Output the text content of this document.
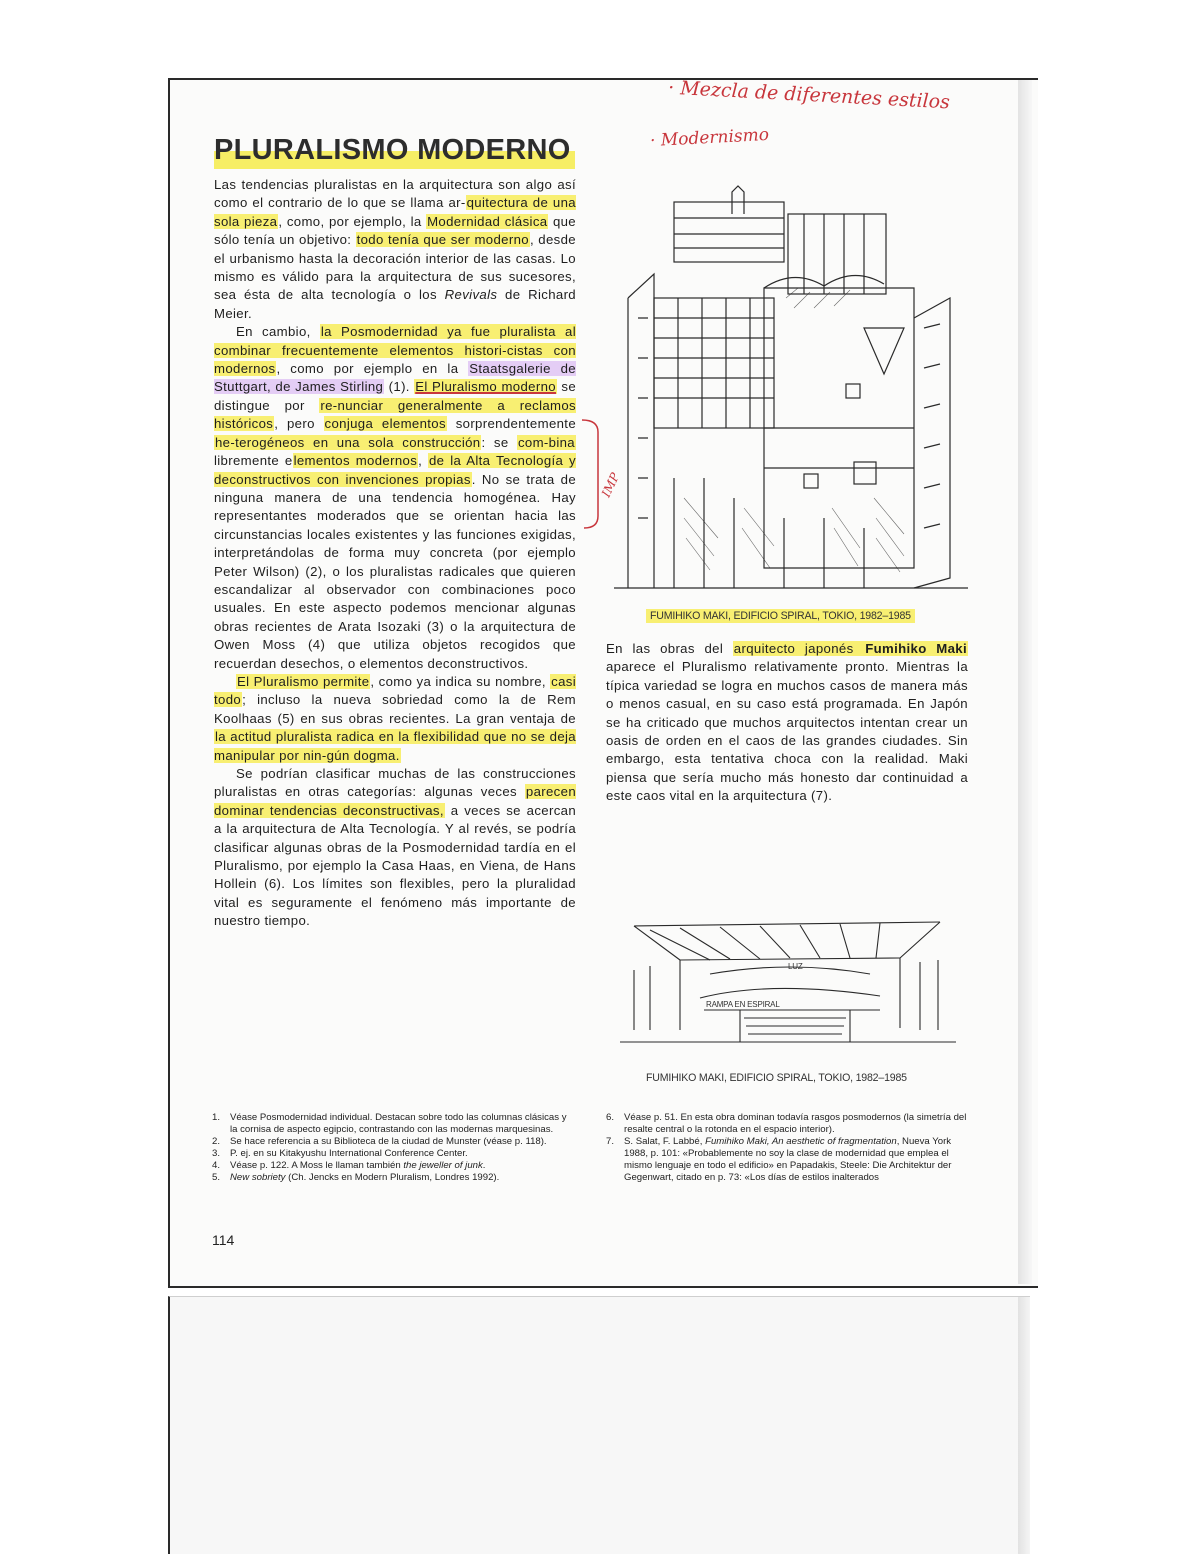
PLURALISMO MODERNO
· Mezcla de diferentes estilos
· Modernismo
IMP

Las tendencias pluralistas en la arquitectura son algo así como el contrario de lo que se llama ar-quitectura de una sola pieza, como, por ejemplo, la Modernidad clásica que sólo tenía un objetivo: todo tenía que ser moderno, desde el urbanismo hasta la decoración interior de las casas. Lo mismo es válido para la arquitectura de sus sucesores, sea ésta de alta tecnología o los Revivals de Richard Meier.

En cambio, la Posmodernidad ya fue pluralista al combinar frecuentemente elementos histori-cistas con modernos, como por ejemplo en la Staatsgalerie de Stuttgart, de James Stirling (1). El Pluralismo moderno se distingue por re-nunciar generalmente a reclamos históricos, pero conjuga elementos sorprendentemente he-terogéneos en una sola construcción: se com-bina libremente elementos modernos, de la Alta Tecnología y deconstructivos con invenciones propias. No se trata de ninguna manera de una tendencia homogénea. Hay representantes moderados que se orientan hacia las circunstancias locales existentes y las funciones exigidas, interpretándolas de forma muy concreta (por ejemplo Peter Wilson) (2), o los pluralistas radicales que quieren escandalizar al observador con combinaciones poco usuales. En este aspecto podemos mencionar algunas obras recientes de Arata Isozaki (3) o la arquitectura de Owen Moss (4) que utiliza objetos recogidos que recuerdan desechos, o elementos deconstructivos.

El Pluralismo permite, como ya indica su nombre, casi todo; incluso la nueva sobriedad como la de Rem Koolhaas (5) en sus obras recientes. La gran ventaja de la actitud pluralista radica en la flexibilidad que no se deja manipular por nin-gún dogma.

Se podrían clasificar muchas de las construcciones pluralistas en otras categorías: algunas veces parecen dominar tendencias deconstructivas, a veces se acercan a la arquitectura de Alta Tecnología. Y al revés, se podría clasificar algunas obras de la Posmodernidad tardía en el Pluralismo, por ejemplo la Casa Haas, en Viena, de Hans Hollein (6). Los límites son flexibles, pero la pluralidad vital es seguramente el fenómeno más importante de nuestro tiempo.

FUMIHIKO MAKI, EDIFICIO SPIRAL, TOKIO, 1982–1985

En las obras del arquitecto japonés Fumihiko Maki aparece el Pluralismo relativamente pronto. Mientras la típica variedad se logra en muchos casos de manera más o menos casual, en su caso está programada. En Japón se ha criticado que muchos arquitectos intentan crear un oasis de orden en el caos de las grandes ciudades. Sin embargo, esta tentativa choca con la realidad. Maki piensa que sería mucho más honesto dar continuidad a este caos vital en la arquitectura (7).

LUZ
RAMPA EN ESPIRAL
FUMIHIKO MAKI, EDIFICIO SPIRAL, TOKIO, 1982–1985
1. Véase Posmodernidad individual. Destacan sobre todo las columnas clásicas y la cornisa de aspecto egipcio, contrastando con las modernas marquesinas.
2. Se hace referencia a su Biblioteca de la ciudad de Munster (véase p. 118).
3. P. ej. en su Kitakyushu International Conference Center.
4. Véase p. 122. A Moss le llaman también the jeweller of junk.
5. New sobriety (Ch. Jencks en Modern Pluralism, Londres 1992).
6. Véase p. 51. En esta obra dominan todavía rasgos posmodernos (la simetría del resalte central o la rotonda en el espacio interior).
7. S. Salat, F. Labbé, Fumihiko Maki, An aesthetic of fragmentation, Nueva York 1988, p. 101: «Probablemente no soy la clase de modernidad que emplea el mismo lenguaje en todo el edificio» en Papadakis, Steele: Die Architektur der Gegenwart, citado en p. 73: «Los días de estilos inalterados
114
